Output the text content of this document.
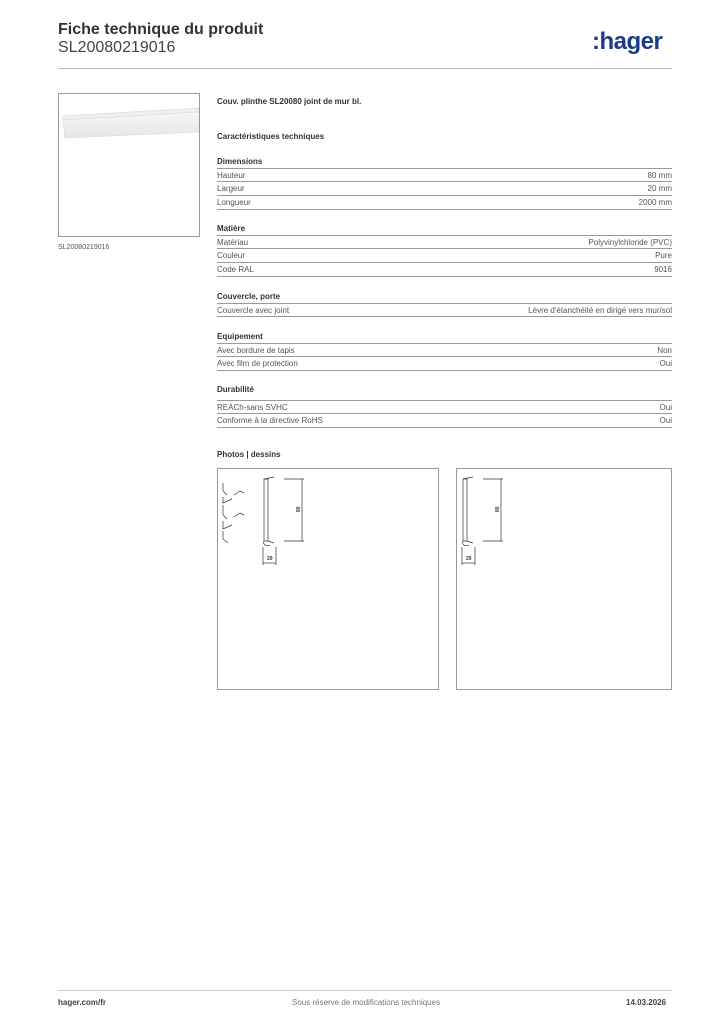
Fiche technique du produit
SL20080219016	:hager
SL20080219016
Couv. plinthe SL20080 joint de mur bl.
Caractéristiques techniques
Dimensions
Hauteur	80 mm
Largeur	20 mm
Longueur	2000 mm
Matière
Matériau	Polyvinylchloride (PVC)
Couleur	Pure
Code RAL	9016
Couvercle, porte
Couvercle avec joint	Lèvre d'étanchéité en dirigé vers mur/sol
Equipement
Avec bordure de tapis	Non
Avec film de protection	Oui
Durabilité
REACh-sans SVHC	Oui
Conforme à la directive RoHS	Oui
Photos | dessins
80
20
80
20
hager.com/fr	Sous réserve de modifications techniques	14.03.2026
